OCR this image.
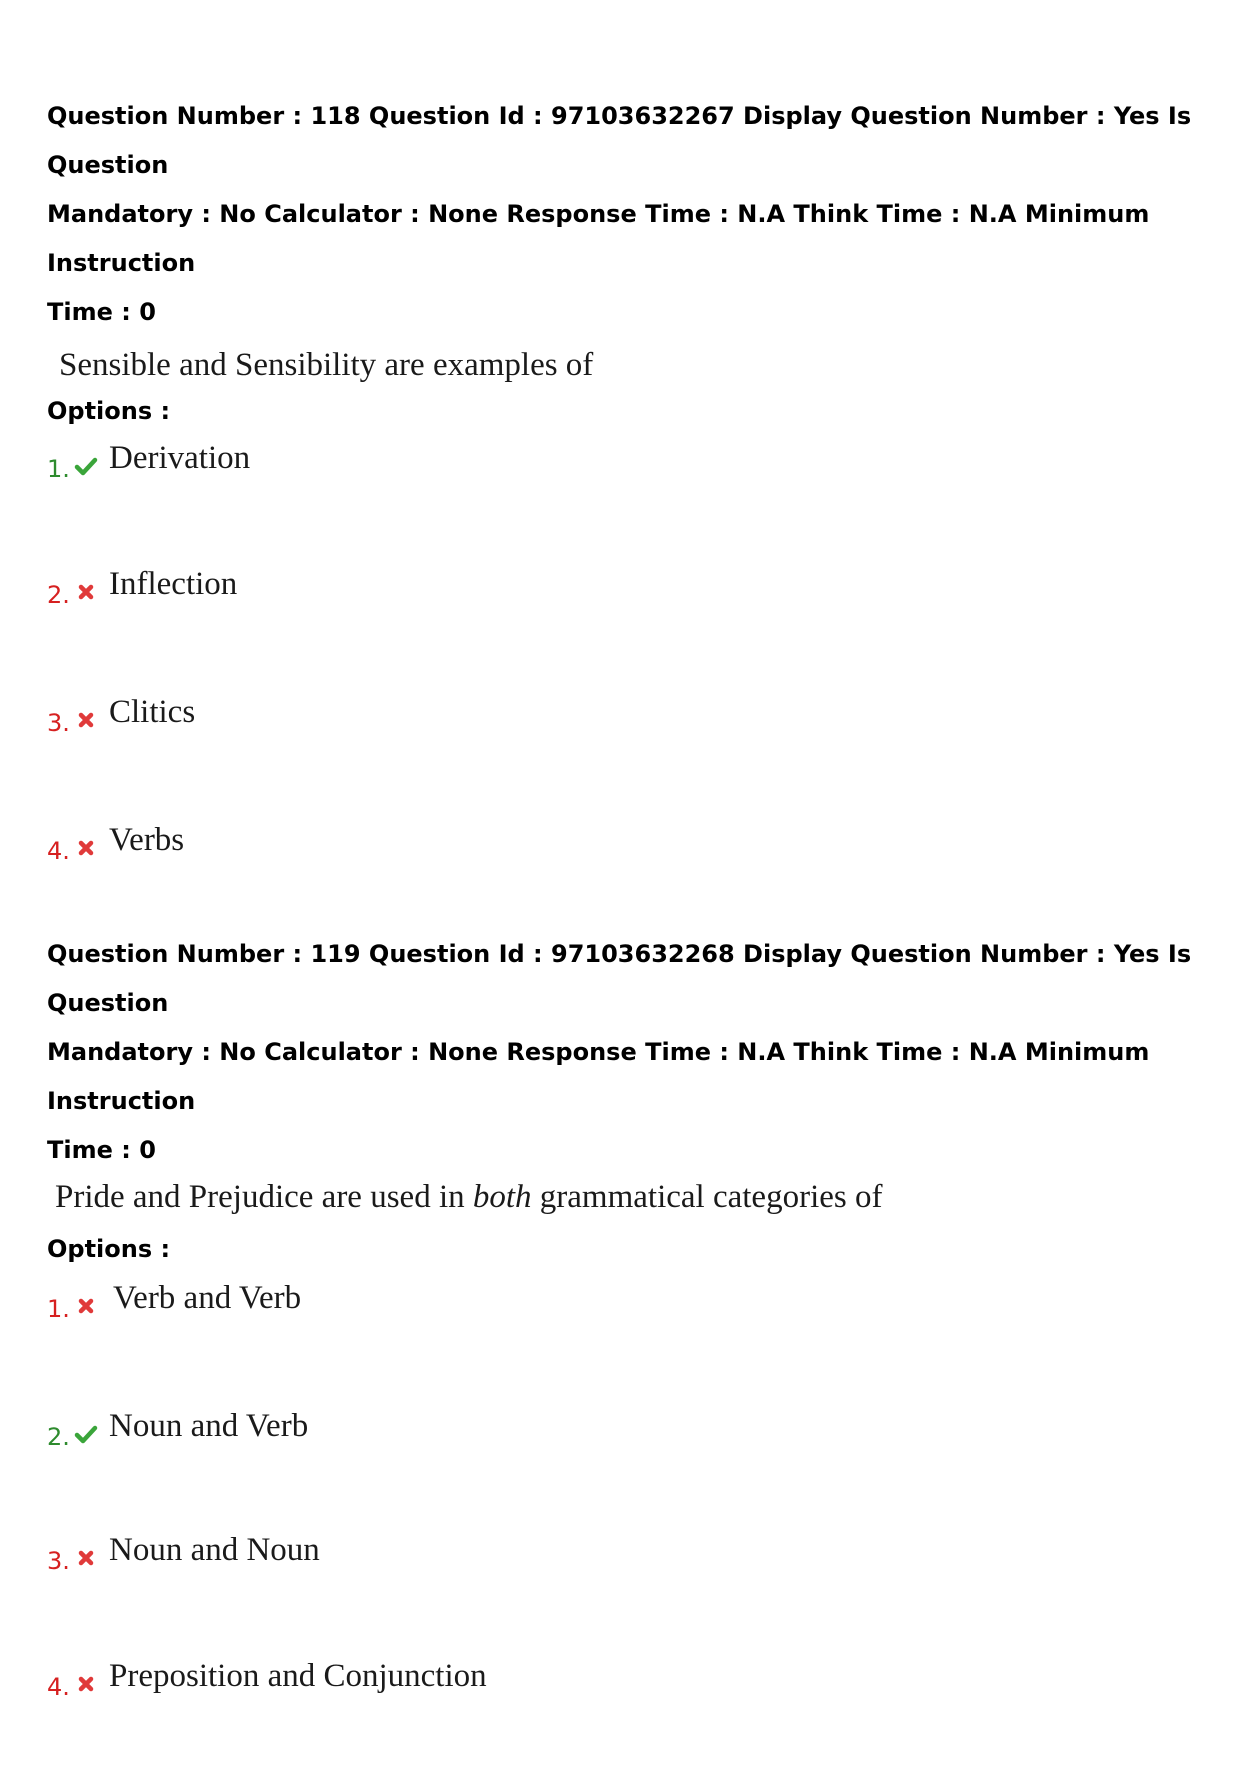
Question Number : 118 Question Id : 97103632267 Display Question Number : Yes Is Question
Mandatory : No Calculator : None Response Time : N.A Think Time : N.A Minimum Instruction
Time : 0
Sensible and Sensibility are examples of
Options :
1. Derivation
2. Inflection
3. Clitics
4. Verbs
Question Number : 119 Question Id : 97103632268 Display Question Number : Yes Is Question
Mandatory : No Calculator : None Response Time : N.A Think Time : N.A Minimum Instruction
Time : 0
Pride and Prejudice are used in both grammatical categories of
Options :
1. Verb and Verb
2. Noun and Verb
3. Noun and Noun
4. Preposition and Conjunction
